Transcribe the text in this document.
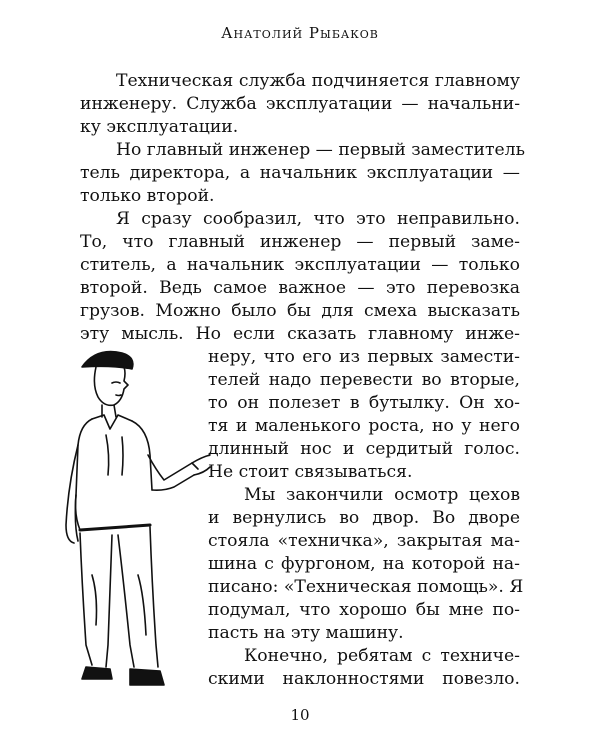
Анатолий Рыбаков
Техническая служба подчиняется главному
инженеру. Служба эксплуатации — начальни-
ку эксплуатации.
Но главный инженер — первый заместитель
тель директора, а начальник эксплуатации —
только второй.
Я сразу сообразил, что это неправильно.
То, что главный инженер — первый заме-
ститель, а начальник эксплуатации — только
второй. Ведь самое важное — это перевозка
грузов. Можно было бы для смеха высказать
эту мысль. Но если сказать главному инже-
неру, что его из первых замести-
телей надо перевести во вторые,
то он полезет в бутылку. Он хо-
тя и маленького роста, но у него
длинный нос и сердитый голос.
Не стоит связываться.
Мы закончили осмотр цехов
и вернулись во двор. Во дворе
стояла «техничка», закрытая ма-
шина с фургоном, на которой на-
писано: «Техническая помощь». Я
подумал, что хорошо бы мне по-
пасть на эту машину.
Конечно, ребятам с техниче-
скими наклонностями повезло.
10
